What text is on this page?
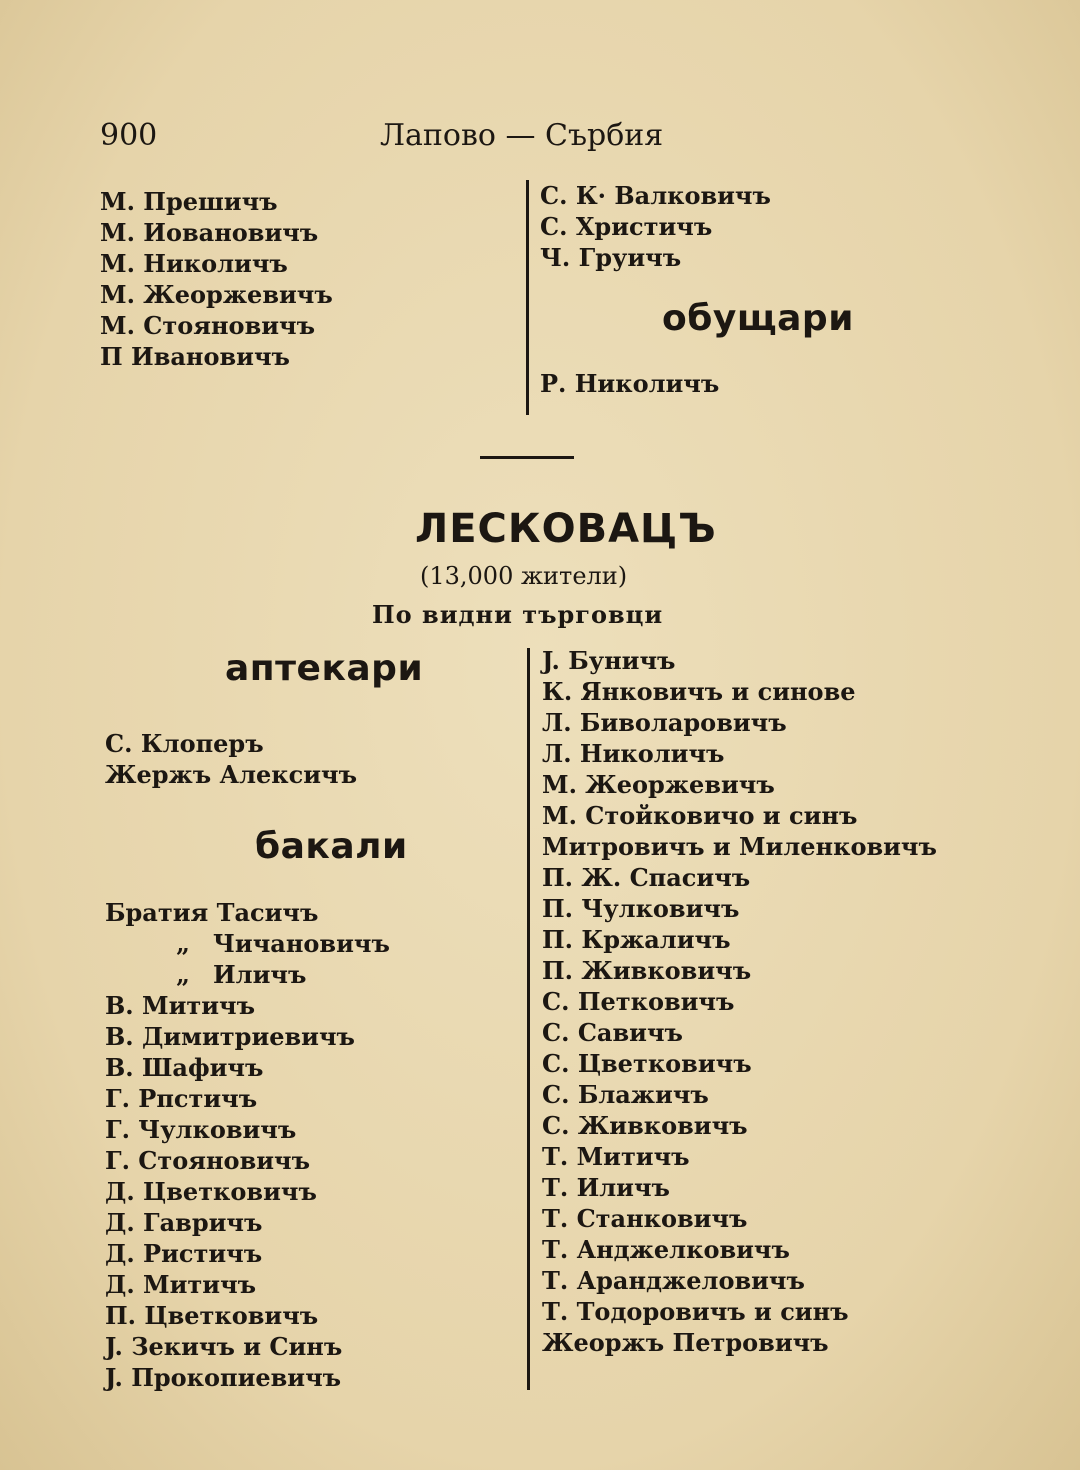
900	Лапово — Сърбия
М. Прешичъ
М. Иовановичъ
М. Николичъ
М. Жеоржевичъ
М. Стояновичъ
П Ивановичъ
С. К· Валковичъ
С. Христичъ
Ч. Груичъ
обущари
Р. Николичъ
ЛЕСКОВАЦЪ
(13,000 жители)
По видни търговци
аптекари
С. Клоперъ
Жержъ Алексичъ
бакали
Братия Тасичъ
„ Чичановичъ
„ Иличъ
В. Митичъ
В. Димитриевичъ
В. Шафичъ
Г. Рпстичъ
Г. Чулковичъ
Г. Стояновичъ
Д. Цветковичъ
Д. Гавричъ
Д. Ристичъ
Д. Митичъ
П. Цветковичъ
J. Зекичъ и Синъ
J. Прокопиевичъ
J. Буничъ
К. Янковичъ и синове
Л. Биволаровичъ
Л. Николичъ
М. Жеоржевичъ
М. Стойковичо и синъ
Митровичъ и Миленковичъ
П. Ж. Спасичъ
П. Чулковичъ
П. Кржаличъ
П. Живковичъ
С. Петковичъ
С. Савичъ
С. Цветковичъ
С. Блажичъ
С. Живковичъ
Т. Митичъ
Т. Иличъ
Т. Станковичъ
Т. Анджелковичъ
Т. Аранджеловичъ
Т. Тодоровичъ и синъ
Жеоржъ Петровичъ
